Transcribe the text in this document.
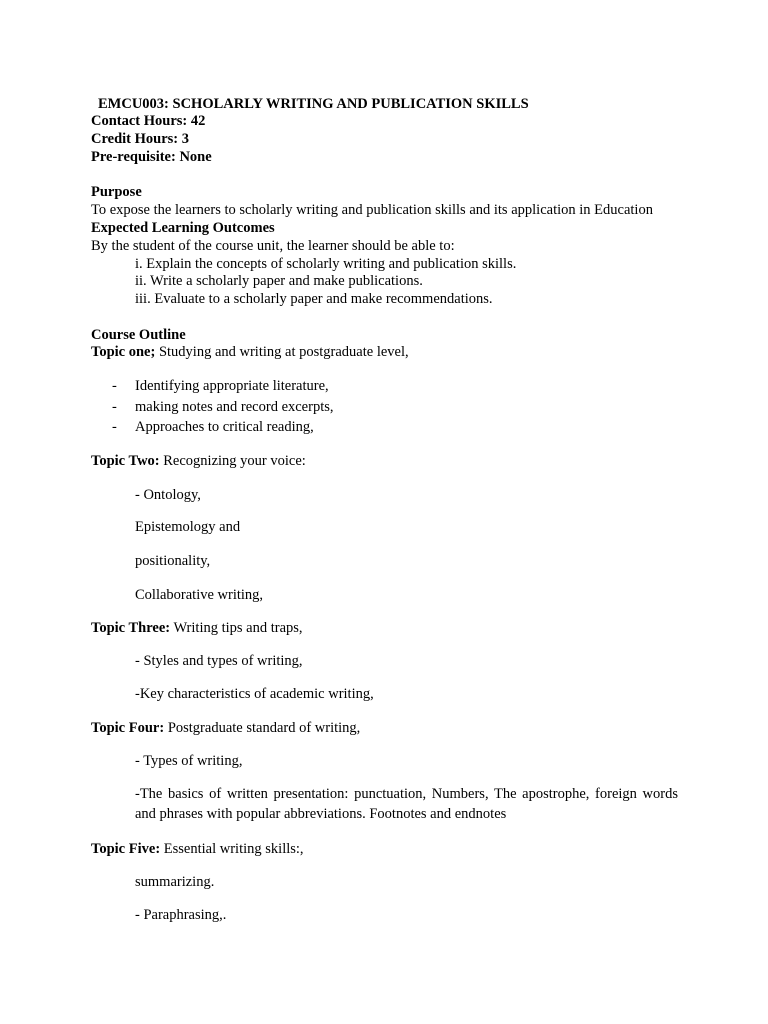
EMCU003: SCHOLARLY WRITING AND PUBLICATION SKILLS
Contact Hours: 42
Credit Hours: 3
Pre-requisite: None
Purpose
To expose the learners to scholarly writing and publication skills and its application in Education
Expected Learning Outcomes
By the student of the course unit, the learner should be able to:
i. Explain the concepts of scholarly writing and publication skills.
ii. Write a scholarly paper and make publications.
iii. Evaluate to a scholarly paper and make recommendations.
Course Outline
Topic one; Studying and writing at postgraduate level,
- Identifying appropriate literature,
- making notes and record excerpts,
- Approaches to critical reading,
Topic Two: Recognizing your voice:
- Ontology,
Epistemology and
positionality,
Collaborative writing,
Topic Three: Writing tips and traps,
- Styles and types of writing,
-Key characteristics of academic writing,
Topic Four: Postgraduate standard of writing,
- Types of writing,
-The basics of written presentation: punctuation, Numbers, The apostrophe, foreign words and phrases with popular abbreviations. Footnotes and endnotes
Topic Five: Essential writing skills:,
summarizing.
- Paraphrasing,.
